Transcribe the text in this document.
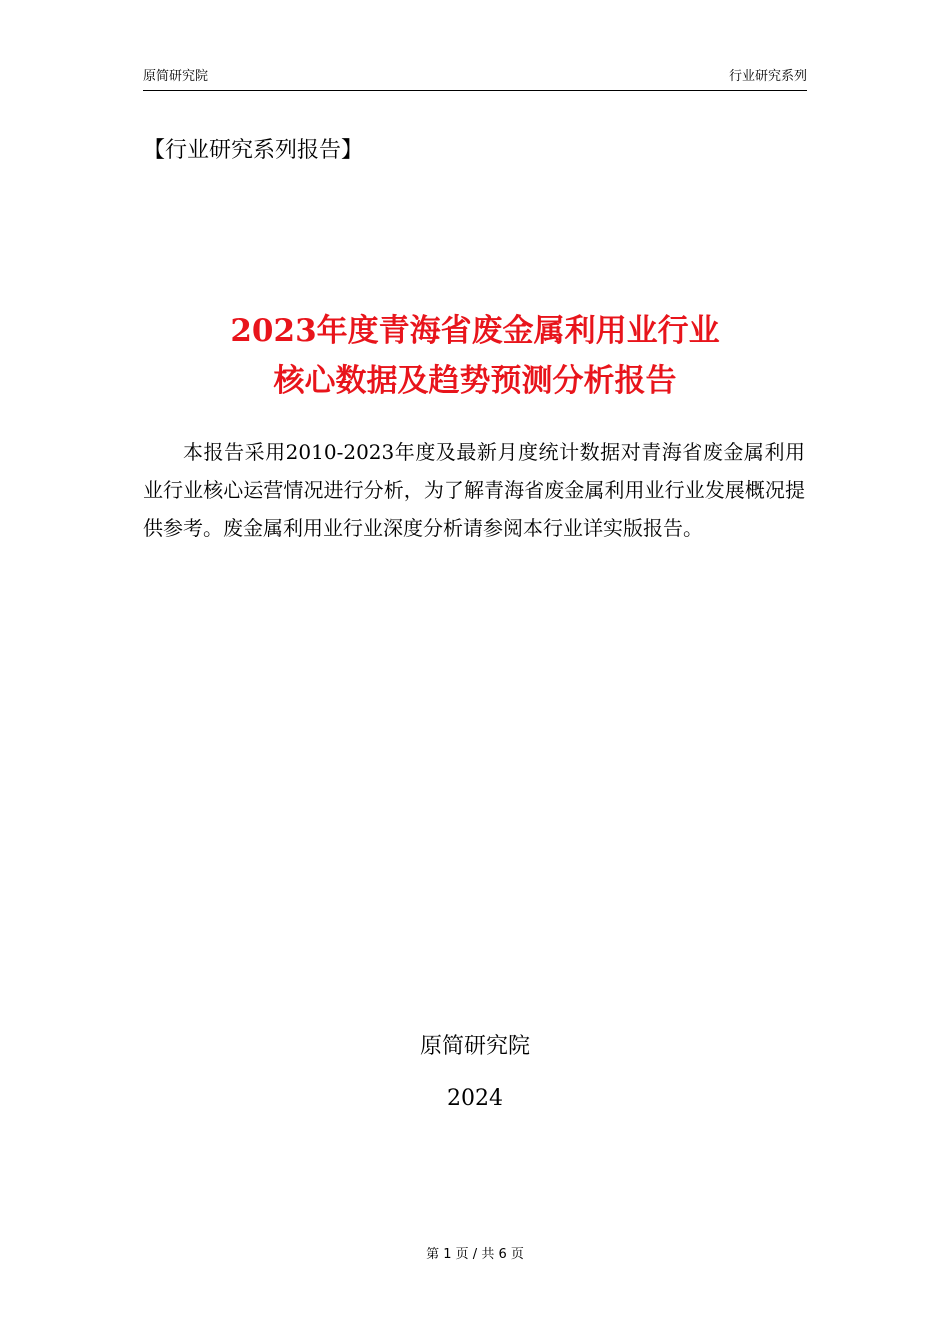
原简研究院	行业研究系列
【行业研究系列报告】
2023年度青海省废金属利用业行业
核心数据及趋势预测分析报告
本报告采用2010-2023年度及最新月度统计数据对青海省废金属利用业行业核心运营情况进行分析，为了解青海省废金属利用业行业发展概况提供参考。废金属利用业行业深度分析请参阅本行业详实版报告。
原简研究院
2024
第 1 页 / 共 6 页
